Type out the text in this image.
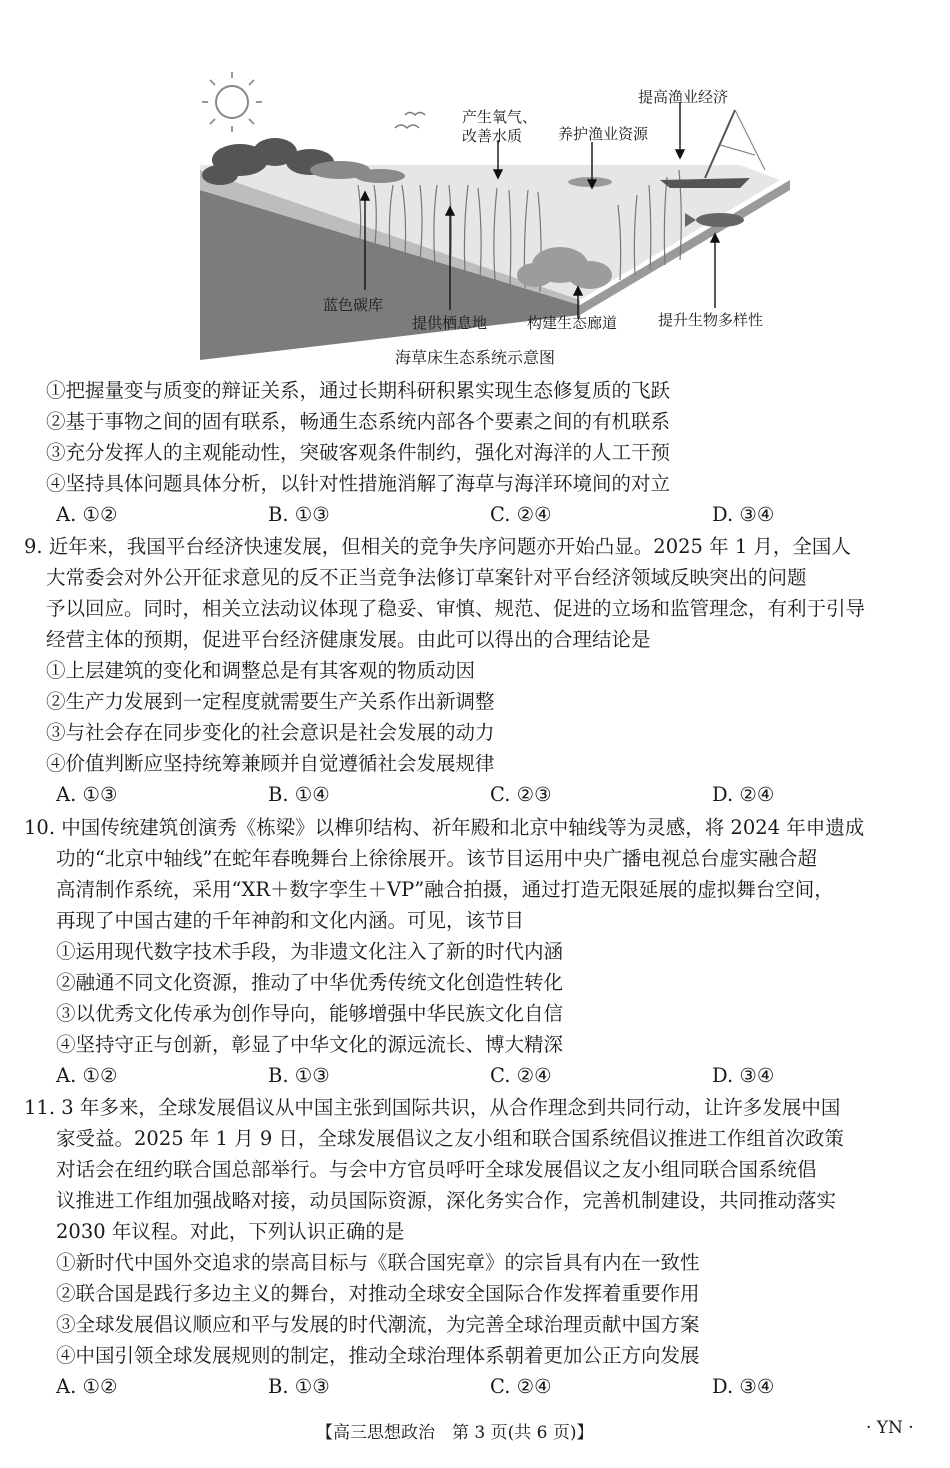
产生氧气、
改善水质 养护渔业资源
提高渔业经济
蓝色碳库
提供栖息地	构建生态廊道	提升生物多样性
海草床生态系统示意图
①把握量变与质变的辩证关系，通过长期科研积累实现生态修复质的飞跃
②基于事物之间的固有联系，畅通生态系统内部各个要素之间的有机联系
③充分发挥人的主观能动性，突破客观条件制约，强化对海洋的人工干预
④坚持具体问题具体分析，以针对性措施消解了海草与海洋环境间的对立
A. ①②	B. ①③	C. ②④	D. ③④
9. 近年来，我国平台经济快速发展，但相关的竞争失序问题亦开始凸显。2025 年 1 月，全国人
大常委会对外公开征求意见的反不正当竞争法修订草案针对平台经济领域反映突出的问题
予以回应。同时，相关立法动议体现了稳妥、审慎、规范、促进的立场和监管理念，有利于引导
经营主体的预期，促进平台经济健康发展。由此可以得出的合理结论是
①上层建筑的变化和调整总是有其客观的物质动因
②生产力发展到一定程度就需要生产关系作出新调整
③与社会存在同步变化的社会意识是社会发展的动力
④价值判断应坚持统筹兼顾并自觉遵循社会发展规律
A. ①③	B. ①④	C. ②③	D. ②④
10. 中国传统建筑创演秀《栋梁》以榫卯结构、祈年殿和北京中轴线等为灵感，将 2024 年申遗成
功的“北京中轴线”在蛇年春晚舞台上徐徐展开。该节目运用中央广播电视总台虚实融合超
高清制作系统，采用“XR＋数字孪生＋VP”融合拍摄，通过打造无限延展的虚拟舞台空间，
再现了中国古建的千年神韵和文化内涵。可见，该节目
①运用现代数字技术手段，为非遗文化注入了新的时代内涵
②融通不同文化资源，推动了中华优秀传统文化创造性转化
③以优秀文化传承为创作导向，能够增强中华民族文化自信
④坚持守正与创新，彰显了中华文化的源远流长、博大精深
A. ①②	B. ①③	C. ②④	D. ③④
11. 3 年多来，全球发展倡议从中国主张到国际共识，从合作理念到共同行动，让许多发展中国
家受益。2025 年 1 月 9 日，全球发展倡议之友小组和联合国系统倡议推进工作组首次政策
对话会在纽约联合国总部举行。与会中方官员呼吁全球发展倡议之友小组同联合国系统倡
议推进工作组加强战略对接，动员国际资源，深化务实合作，完善机制建设，共同推动落实
2030 年议程。对此，下列认识正确的是
①新时代中国外交追求的崇高目标与《联合国宪章》的宗旨具有内在一致性
②联合国是践行多边主义的舞台，对推动全球安全国际合作发挥着重要作用
③全球发展倡议顺应和平与发展的时代潮流，为完善全球治理贡献中国方案
④中国引领全球发展规则的制定，推动全球治理体系朝着更加公正方向发展
A. ①②	B. ①③	C. ②④	D. ③④
【高三思想政治　第 3 页(共 6 页)】	· YN ·
